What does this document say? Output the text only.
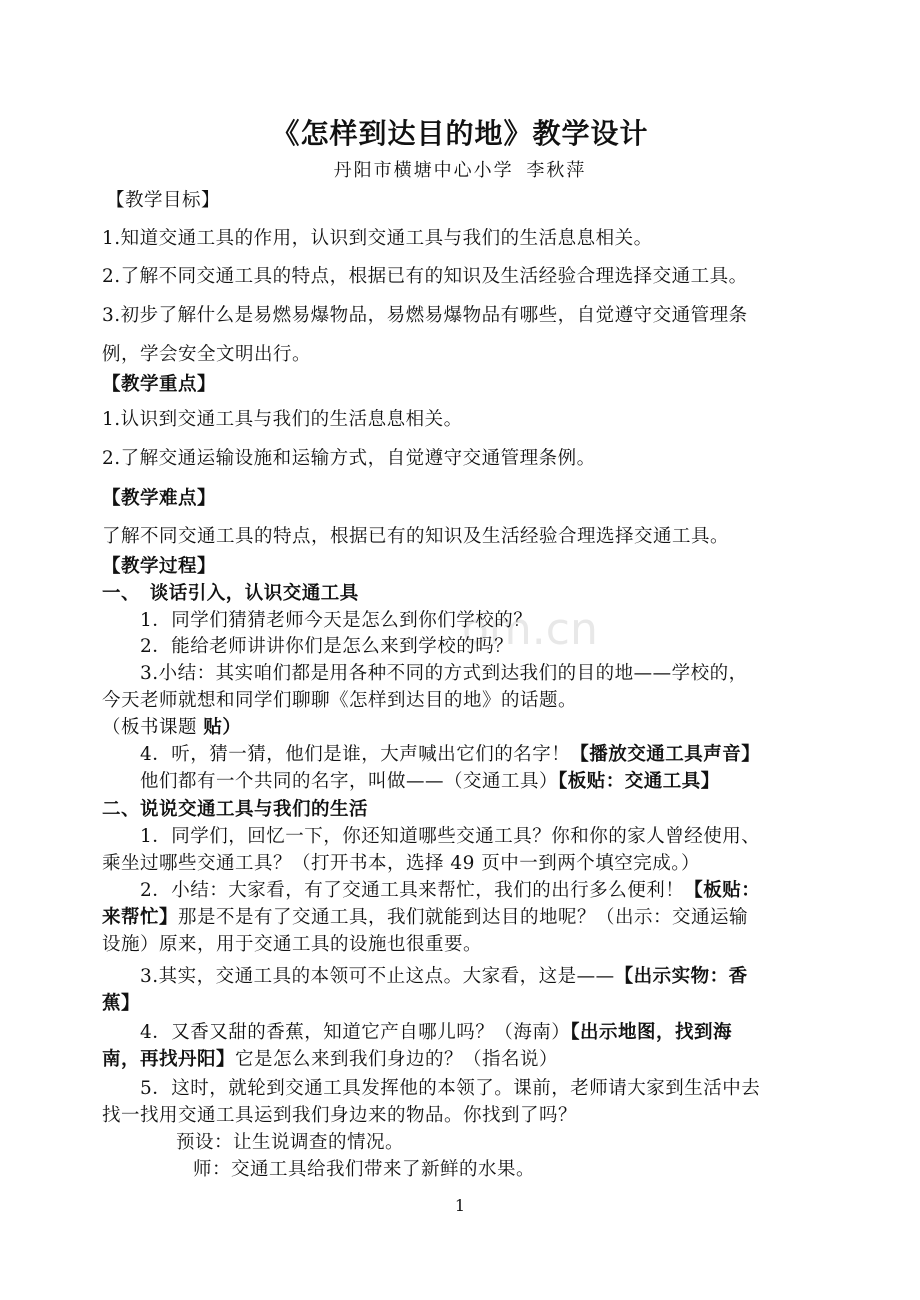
om.cn
《怎样到达目的地》教学设计
丹阳市横塘中心小学 李秋萍
【教学目标】
1.知道交通工具的作用，认识到交通工具与我们的生活息息相关。
2.了解不同交通工具的特点，根据已有的知识及生活经验合理选择交通工具。
3.初步了解什么是易燃易爆物品，易燃易爆物品有哪些，自觉遵守交通管理条
例，学会安全文明出行。
【教学重点】
1.认识到交通工具与我们的生活息息相关。
2.了解交通运输设施和运输方式，自觉遵守交通管理条例。
【教学难点】
了解不同交通工具的特点，根据已有的知识及生活经验合理选择交通工具。
【教学过程】
一、　谈话引入，认识交通工具
1．同学们猜猜老师今天是怎么到你们学校的？
2．能给老师讲讲你们是怎么来到学校的吗？
3.小结：其实咱们都是用各种不同的方式到达我们的目的地——学校的，
今天老师就想和同学们聊聊《怎样到达目的地》的话题。
（板书课题 贴）
4．听，猜一猜，他们是谁，大声喊出它们的名字！【播放交通工具声音】
他们都有一个共同的名字，叫做——（交通工具）【板贴：交通工具】
二、说说交通工具与我们的生活
1．同学们，回忆一下，你还知道哪些交通工具？你和你的家人曾经使用、
乘坐过哪些交通工具？（打开书本，选择 49 页中一到两个填空完成。）
2．小结：大家看，有了交通工具来帮忙，我们的出行多么便利！【板贴：
来帮忙】那是不是有了交通工具，我们就能到达目的地呢？（出示：交通运输
设施）原来，用于交通工具的设施也很重要。
3.其实，交通工具的本领可不止这点。大家看，这是——【出示实物：香
蕉】
4．又香又甜的香蕉，知道它产自哪儿吗？（海南）【出示地图，找到海
南，再找丹阳】它是怎么来到我们身边的？（指名说）
5．这时，就轮到交通工具发挥他的本领了。课前，老师请大家到生活中去
找一找用交通工具运到我们身边来的物品。你找到了吗？
预设：让生说调查的情况。
师：交通工具给我们带来了新鲜的水果。
1
